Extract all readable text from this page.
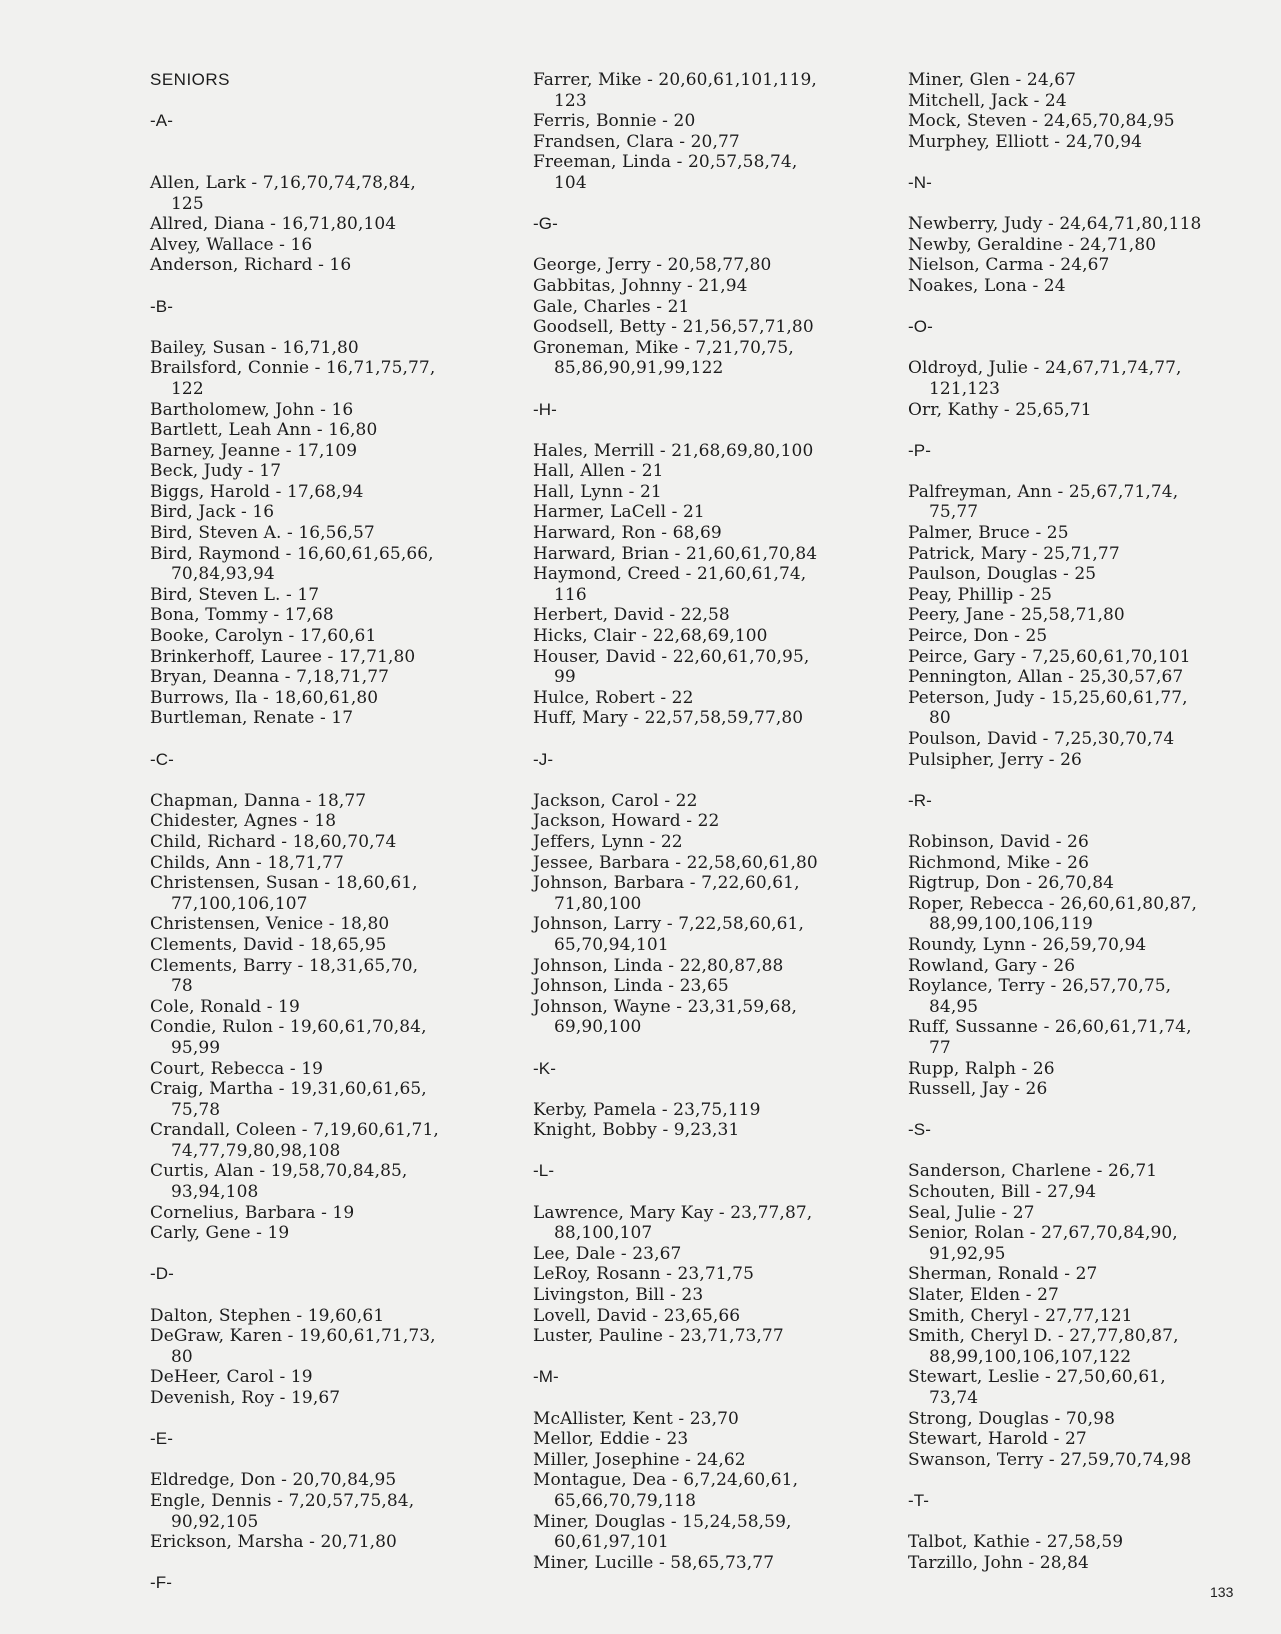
SENIORS
-A-
Allen, Lark - 7,16,70,74,78,84,
125
Allred, Diana - 16,71,80,104
Alvey, Wallace - 16
Anderson, Richard - 16
-B-
Bailey, Susan - 16,71,80
Brailsford, Connie - 16,71,75,77,
122
Bartholomew, John - 16
Bartlett, Leah Ann - 16,80
Barney, Jeanne - 17,109
Beck, Judy - 17
Biggs, Harold - 17,68,94
Bird, Jack - 16
Bird, Steven A. - 16,56,57
Bird, Raymond - 16,60,61,65,66,
70,84,93,94
Bird, Steven L. - 17
Bona, Tommy - 17,68
Booke, Carolyn - 17,60,61
Brinkerhoff, Lauree - 17,71,80
Bryan, Deanna - 7,18,71,77
Burrows, Ila - 18,60,61,80
Burtleman, Renate - 17
-C-
Chapman, Danna - 18,77
Chidester, Agnes - 18
Child, Richard - 18,60,70,74
Childs, Ann - 18,71,77
Christensen, Susan - 18,60,61,
77,100,106,107
Christensen, Venice - 18,80
Clements, David - 18,65,95
Clements, Barry - 18,31,65,70,
78
Cole, Ronald - 19
Condie, Rulon - 19,60,61,70,84,
95,99
Court, Rebecca - 19
Craig, Martha - 19,31,60,61,65,
75,78
Crandall, Coleen - 7,19,60,61,71,
74,77,79,80,98,108
Curtis, Alan - 19,58,70,84,85,
93,94,108
Cornelius, Barbara - 19
Carly, Gene - 19
-D-
Dalton, Stephen - 19,60,61
DeGraw, Karen - 19,60,61,71,73,
80
DeHeer, Carol - 19
Devenish, Roy - 19,67
-E-
Eldredge, Don - 20,70,84,95
Engle, Dennis - 7,20,57,75,84,
90,92,105
Erickson, Marsha - 20,71,80
-F-
Farrer, Mike - 20,60,61,101,119,
123
Ferris, Bonnie - 20
Frandsen, Clara - 20,77
Freeman, Linda - 20,57,58,74,
104
-G-
George, Jerry - 20,58,77,80
Gabbitas, Johnny - 21,94
Gale, Charles - 21
Goodsell, Betty - 21,56,57,71,80
Groneman, Mike - 7,21,70,75,
85,86,90,91,99,122
-H-
Hales, Merrill - 21,68,69,80,100
Hall, Allen - 21
Hall, Lynn - 21
Harmer, LaCell - 21
Harward, Ron - 68,69
Harward, Brian - 21,60,61,70,84
Haymond, Creed - 21,60,61,74,
116
Herbert, David - 22,58
Hicks, Clair - 22,68,69,100
Houser, David - 22,60,61,70,95,
99
Hulce, Robert - 22
Huff, Mary - 22,57,58,59,77,80
-J-
Jackson, Carol - 22
Jackson, Howard - 22
Jeffers, Lynn - 22
Jessee, Barbara - 22,58,60,61,80
Johnson, Barbara - 7,22,60,61,
71,80,100
Johnson, Larry - 7,22,58,60,61,
65,70,94,101
Johnson, Linda - 22,80,87,88
Johnson, Linda - 23,65
Johnson, Wayne - 23,31,59,68,
69,90,100
-K-
Kerby, Pamela - 23,75,119
Knight, Bobby - 9,23,31
-L-
Lawrence, Mary Kay - 23,77,87,
88,100,107
Lee, Dale - 23,67
LeRoy, Rosann - 23,71,75
Livingston, Bill - 23
Lovell, David - 23,65,66
Luster, Pauline - 23,71,73,77
-M-
McAllister, Kent - 23,70
Mellor, Eddie - 23
Miller, Josephine - 24,62
Montague, Dea - 6,7,24,60,61,
65,66,70,79,118
Miner, Douglas - 15,24,58,59,
60,61,97,101
Miner, Lucille - 58,65,73,77
Miner, Glen - 24,67
Mitchell, Jack - 24
Mock, Steven - 24,65,70,84,95
Murphey, Elliott - 24,70,94
-N-
Newberry, Judy - 24,64,71,80,118
Newby, Geraldine - 24,71,80
Nielson, Carma - 24,67
Noakes, Lona - 24
-O-
Oldroyd, Julie - 24,67,71,74,77,
121,123
Orr, Kathy - 25,65,71
-P-
Palfreyman, Ann - 25,67,71,74,
75,77
Palmer, Bruce - 25
Patrick, Mary - 25,71,77
Paulson, Douglas - 25
Peay, Phillip - 25
Peery, Jane - 25,58,71,80
Peirce, Don - 25
Peirce, Gary - 7,25,60,61,70,101
Pennington, Allan - 25,30,57,67
Peterson, Judy - 15,25,60,61,77,
80
Poulson, David - 7,25,30,70,74
Pulsipher, Jerry - 26
-R-
Robinson, David - 26
Richmond, Mike - 26
Rigtrup, Don - 26,70,84
Roper, Rebecca - 26,60,61,80,87,
88,99,100,106,119
Roundy, Lynn - 26,59,70,94
Rowland, Gary - 26
Roylance, Terry - 26,57,70,75,
84,95
Ruff, Sussanne - 26,60,61,71,74,
77
Rupp, Ralph - 26
Russell, Jay - 26
-S-
Sanderson, Charlene - 26,71
Schouten, Bill - 27,94
Seal, Julie - 27
Senior, Rolan - 27,67,70,84,90,
91,92,95
Sherman, Ronald - 27
Slater, Elden - 27
Smith, Cheryl - 27,77,121
Smith, Cheryl D. - 27,77,80,87,
88,99,100,106,107,122
Stewart, Leslie - 27,50,60,61,
73,74
Strong, Douglas - 70,98
Stewart, Harold - 27
Swanson, Terry - 27,59,70,74,98
-T-
Talbot, Kathie - 27,58,59
Tarzillo, John - 28,84
133
